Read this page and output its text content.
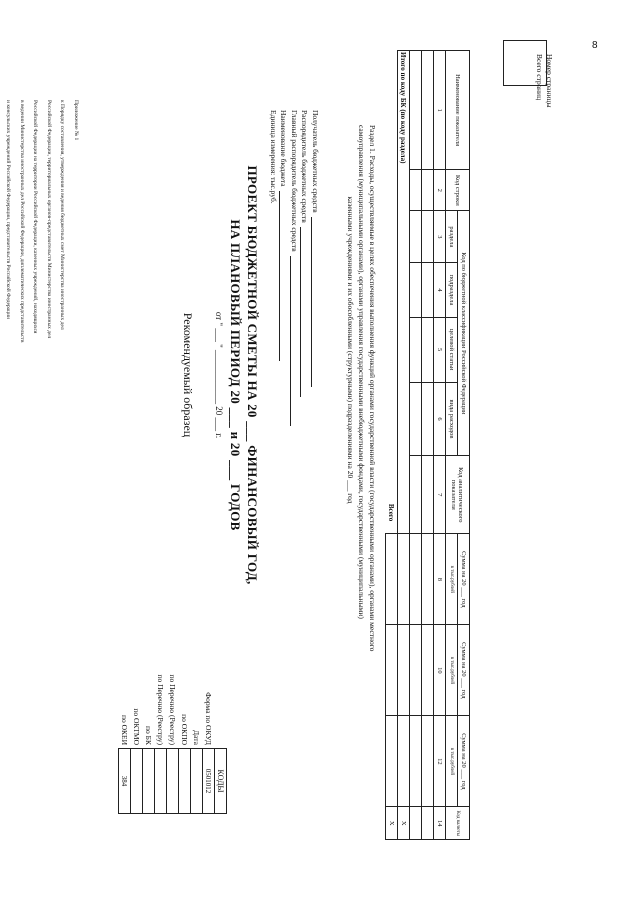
8
Номер страницы
Всего страниц
Приложение № 1
к Порядку составления, утверждения и ведения бюджетных смет Министерства иностранных дел
Российской Федерации, территориальных органов-представительств Министерства иностранных дел
Российской Федерации на территории Российской Федерации, казенных учреждений, находящихся
в ведении Министерства иностранных дел Российской Федерации, дипломатических представительств
и консульских учреждений Российской Федерации, представительств Российской Федерации	ПРОЕКТ БЮДЖЕТНОЙ СМЕТЫ НА 20 ___ ФИНАНСОВЫЙ ГОД,
НА ПЛАНОВЫЙ ПЕРИОД 20 ___ и 20 ___ ГОДОВ
от " ___ " ____________ 20 ___ г.
Рекомендуемый образец
	КОДЫ
Форма по ОКУД	0501012
Дата	
по ОКПО	
по Перечню (Реестру)	
по Перечню (Реестру)	
по БК	
по ОКТМО	
по ОКЕИ	384
Получатель бюджетных средств
Распорядитель бюджетных средств
Главный распорядитель бюджетных средств
Наименование бюджета
Единица измерения: тыс.руб.	Раздел 1. Расходы, осуществляемые в целях обеспечения выполнения функций органами государственной власти (государственными органами), органами местного
самоуправления (муниципальными органами), органами управления государственными внебюджетными фондами, государственными (муниципальными)
казенными учреждениями и их обособленными (структурными) подразделениями на 20 ___ год
Наименование показателя	Код строки	Код по бюджетной классификации Российской Федерации				Код аналитического показателя	Сумма на 20 ___ год	Сумма на 20 ___ год	Сумма на 20 ___ год	Код валюты
		раздела	подраздела	целевой статьи	вида расходов		в тыс.рублей	в тыс.рублей	в тыс.рублей	

1	2	3	4	5	6	7	8	10	12	14

Итого по коду БК (по коду раздела)										X
Всего										X
